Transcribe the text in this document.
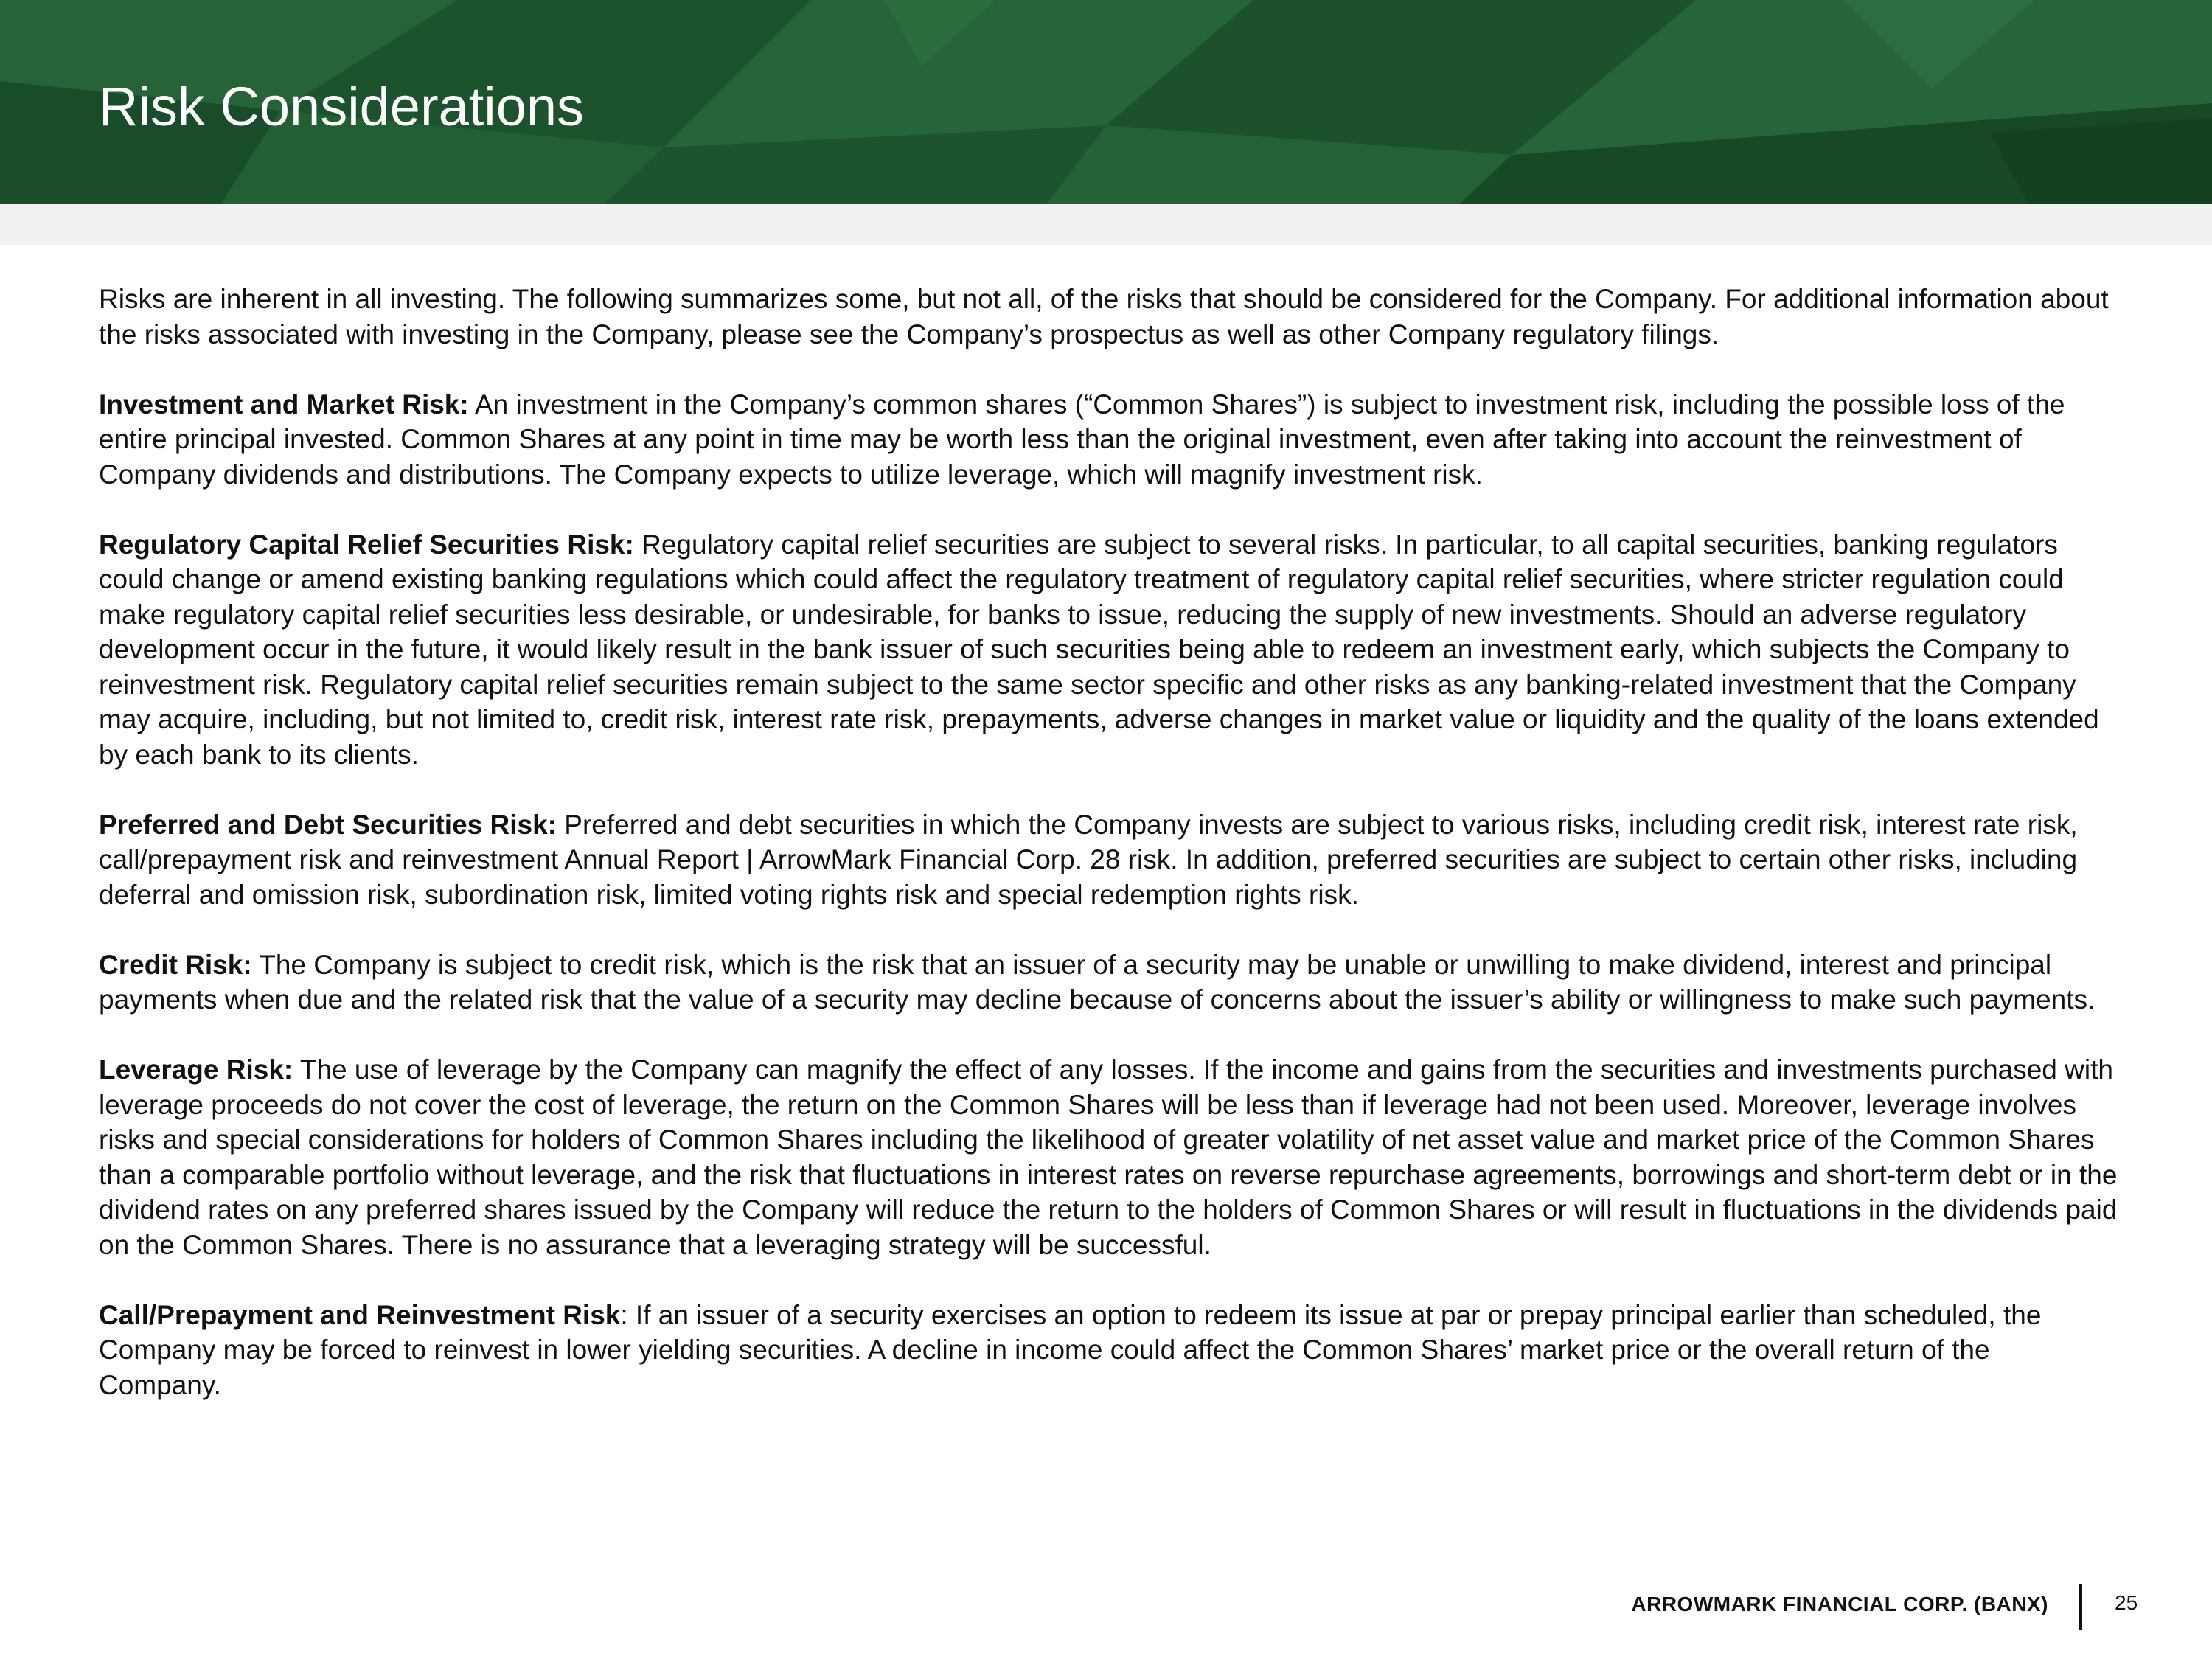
Risk Considerations

Risks are inherent in all investing. The following summarizes some, but not all, of the risks that should be considered for the Company. For additional information about the risks associated with investing in the Company, please see the Company’s prospectus as well as other Company regulatory filings.

Investment and Market Risk: An investment in the Company’s common shares (“Common Shares”) is subject to investment risk, including the possible loss of the entire principal invested. Common Shares at any point in time may be worth less than the original investment, even after taking into account the reinvestment of Company dividends and distributions. The Company expects to utilize leverage, which will magnify investment risk.

Regulatory Capital Relief Securities Risk: Regulatory capital relief securities are subject to several risks. In particular, to all capital securities, banking regulators could change or amend existing banking regulations which could affect the regulatory treatment of regulatory capital relief securities, where stricter regulation could make regulatory capital relief securities less desirable, or undesirable, for banks to issue, reducing the supply of new investments. Should an adverse regulatory development occur in the future, it would likely result in the bank issuer of such securities being able to redeem an investment early, which subjects the Company to reinvestment risk. Regulatory capital relief securities remain subject to the same sector specific and other risks as any banking-related investment that the Company may acquire, including, but not limited to, credit risk, interest rate risk, prepayments, adverse changes in market value or liquidity and the quality of the loans extended by each bank to its clients.

Preferred and Debt Securities Risk: Preferred and debt securities in which the Company invests are subject to various risks, including credit risk, interest rate risk, call/prepayment risk and reinvestment Annual Report | ArrowMark Financial Corp. 28 risk. In addition, preferred securities are subject to certain other risks, including deferral and omission risk, subordination risk, limited voting rights risk and special redemption rights risk.

Credit Risk: The Company is subject to credit risk, which is the risk that an issuer of a security may be unable or unwilling to make dividend, interest and principal payments when due and the related risk that the value of a security may decline because of concerns about the issuer’s ability or willingness to make such payments.

Leverage Risk: The use of leverage by the Company can magnify the effect of any losses. If the income and gains from the securities and investments purchased with leverage proceeds do not cover the cost of leverage, the return on the Common Shares will be less than if leverage had not been used. Moreover, leverage involves risks and special considerations for holders of Common Shares including the likelihood of greater volatility of net asset value and market price of the Common Shares than a comparable portfolio without leverage, and the risk that fluctuations in interest rates on reverse repurchase agreements, borrowings and short-term debt or in the dividend rates on any preferred shares issued by the Company will reduce the return to the holders of Common Shares or will result in fluctuations in the dividends paid on the Common Shares. There is no assurance that a leveraging strategy will be successful.

Call/Prepayment and Reinvestment Risk: If an issuer of a security exercises an option to redeem its issue at par or prepay principal earlier than scheduled, the Company may be forced to reinvest in lower yielding securities. A decline in income could affect the Common Shares’ market price or the overall return of the Company.

ARROWMARK FINANCIAL CORP. (BANX)	25
